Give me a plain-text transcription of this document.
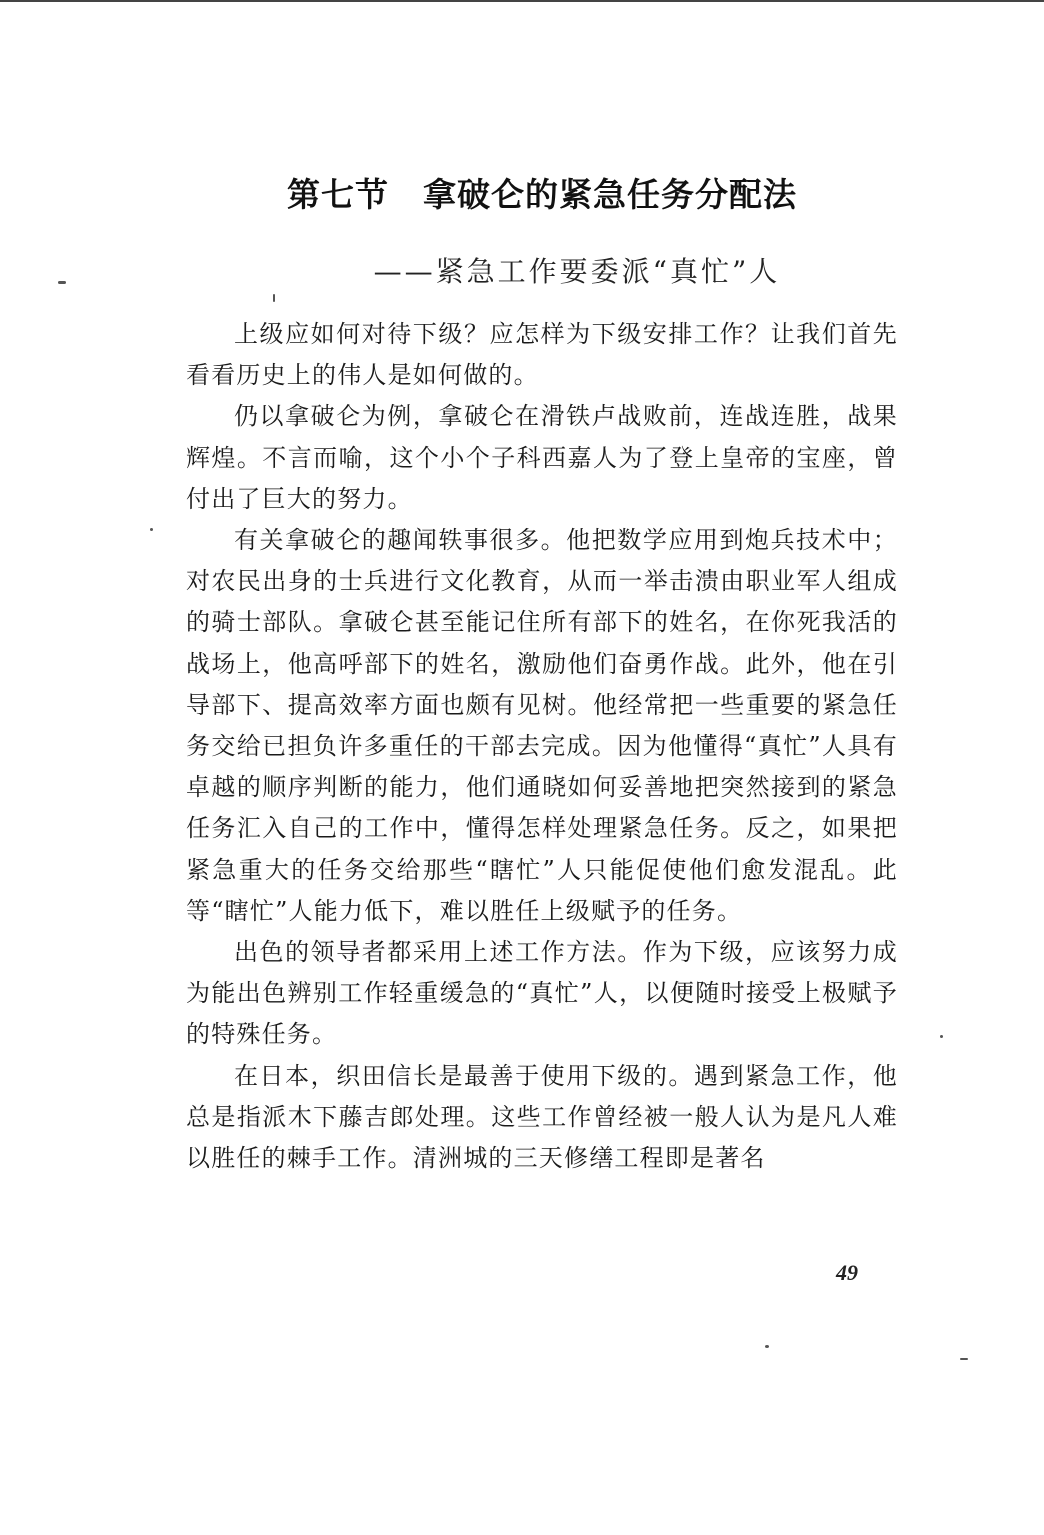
第七节　拿破仑的紧急任务分配法
——紧急工作要委派“真忙”人

上级应如何对待下级？应怎样为下级安排工作？让我们首先看看历史上的伟人是如何做的。

仍以拿破仑为例，拿破仑在滑铁卢战败前，连战连胜，战果辉煌。不言而喻，这个小个子科西嘉人为了登上皇帝的宝座，曾付出了巨大的努力。

有关拿破仑的趣闻轶事很多。他把数学应用到炮兵技术中；对农民出身的士兵进行文化教育，从而一举击溃由职业军人组成的骑士部队。拿破仑甚至能记住所有部下的姓名，在你死我活的战场上，他高呼部下的姓名，激励他们奋勇作战。此外，他在引导部下、提高效率方面也颇有见树。他经常把一些重要的紧急任务交给已担负许多重任的干部去完成。因为他懂得“真忙”人具有卓越的顺序判断的能力，他们通晓如何妥善地把突然接到的紧急任务汇入自己的工作中，懂得怎样处理紧急任务。反之，如果把紧急重大的任务交给那些“瞎忙”人只能促使他们愈发混乱。此等“瞎忙”人能力低下，难以胜任上级赋予的任务。

出色的领导者都采用上述工作方法。作为下级，应该努力成为能出色辨别工作轻重缓急的“真忙”人，以便随时接受上极赋予的特殊任务。

在日本，织田信长是最善于使用下级的。遇到紧急工作，他总是指派木下藤吉郎处理。这些工作曾经被一般人认为是凡人难以胜任的棘手工作。清洲城的三天修缮工程即是著名

49
